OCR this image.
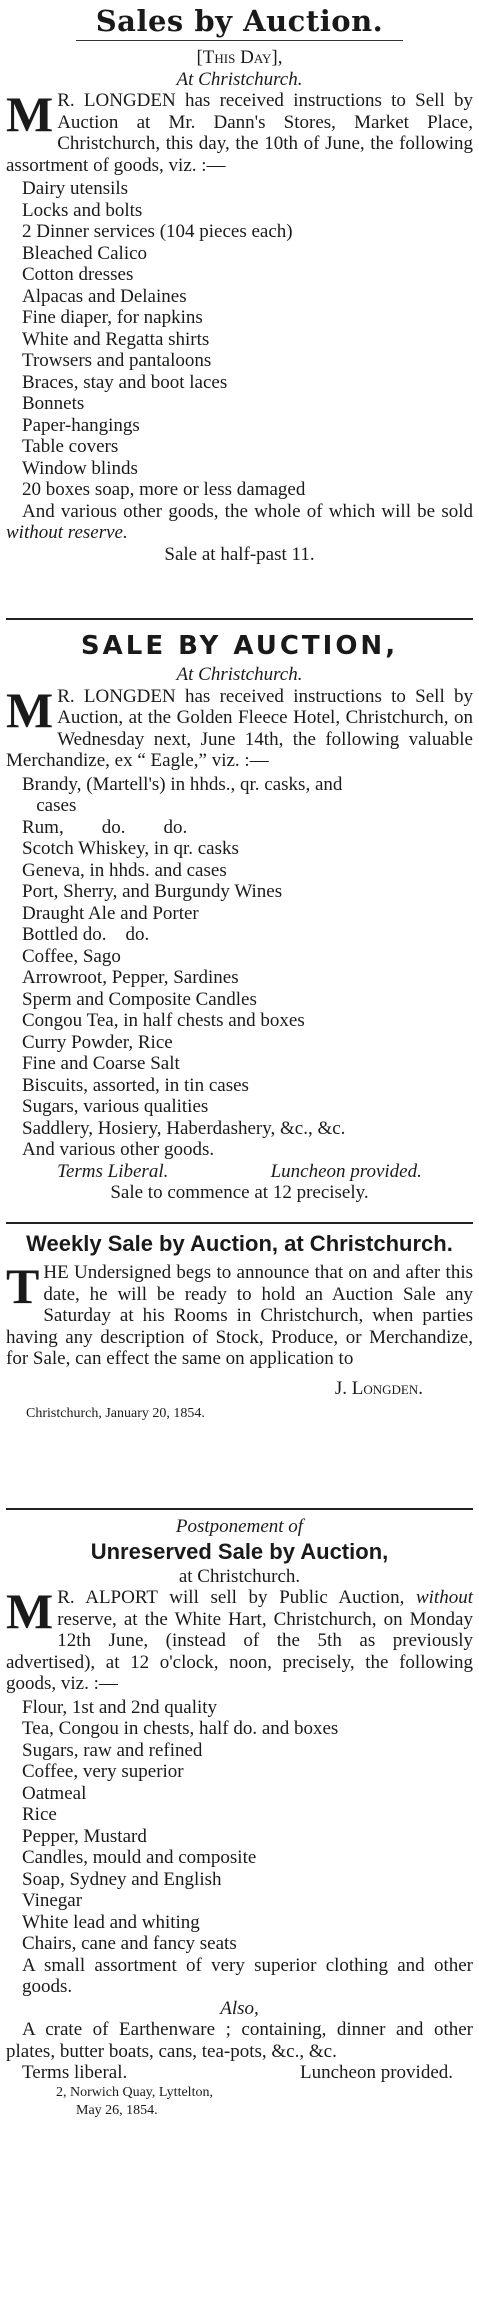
Sales by Auction.
[This Day],
At Christchurch.
M R. LONGDEN has received instructions to Sell by Auction at Mr. Dann's Stores, Market Place, Christchurch, this day, the 10th of June, the following assortment of goods, viz. :—
Dairy utensils
Locks and bolts
2 Dinner services (104 pieces each)
Bleached Calico
Cotton dresses
Alpacas and Delaines
Fine diaper, for napkins
White and Regatta shirts
Trowsers and pantaloons
Braces, stay and boot laces
Bonnets
Paper-hangings
Table covers
Window blinds
20 boxes soap, more or less damaged
And various other goods, the whole of which will be sold without reserve.
Sale at half-past 11.
SALE BY AUCTION,
At Christchurch.
M R. LONGDEN has received instructions to Sell by Auction, at the Golden Fleece Hotel, Christchurch, on Wednesday next, June 14th, the following valuable Merchandize, ex “ Eagle,” viz. :—
Brandy, (Martell's) in hhds., qr. casks, and
cases
Rum,        do.        do.
Scotch Whiskey, in qr. casks
Geneva, in hhds. and cases
Port, Sherry, and Burgundy Wines
Draught Ale and Porter
Bottled do.    do.
Coffee, Sago
Arrowroot, Pepper, Sardines
Sperm and Composite Candles
Congou Tea, in half chests and boxes
Curry Powder, Rice
Fine and Coarse Salt
Biscuits, assorted, in tin cases
Sugars, various qualities
Saddlery, Hosiery, Haberdashery, &c., &c.
And various other goods.
Terms Liberal.	Luncheon provided.
Sale to commence at 12 precisely.
Weekly Sale by Auction, at Christchurch.
THE Undersigned begs to announce that on and after this date, he will be ready to hold an Auction Sale any Saturday at his Rooms in Christchurch, when parties having any description of Stock, Produce, or Merchandize, for Sale, can effect the same on application to
J. Longden.
Christchurch, January 20, 1854.
Postponement of
Unreserved Sale by Auction,
at Christchurch.
M R. ALPORT will sell by Public Auction, without reserve, at the White Hart, Christchurch, on Monday 12th June, (instead of the 5th as previously advertised), at 12 o'clock, noon, precisely, the following goods, viz. :—
Flour, 1st and 2nd quality
Tea, Congou in chests, half do. and boxes
Sugars, raw and refined
Coffee, very superior
Oatmeal
Rice
Pepper, Mustard
Candles, mould and composite
Soap, Sydney and English
Vinegar
White lead and whiting
Chairs, cane and fancy seats
A small assortment of very superior clothing and other goods.
Also,
A crate of Earthenware ; containing, dinner and other plates, butter boats, cans, tea-pots, &c., &c.
Terms liberal.	Luncheon provided.
2, Norwich Quay, Lyttelton,
May 26, 1854.
